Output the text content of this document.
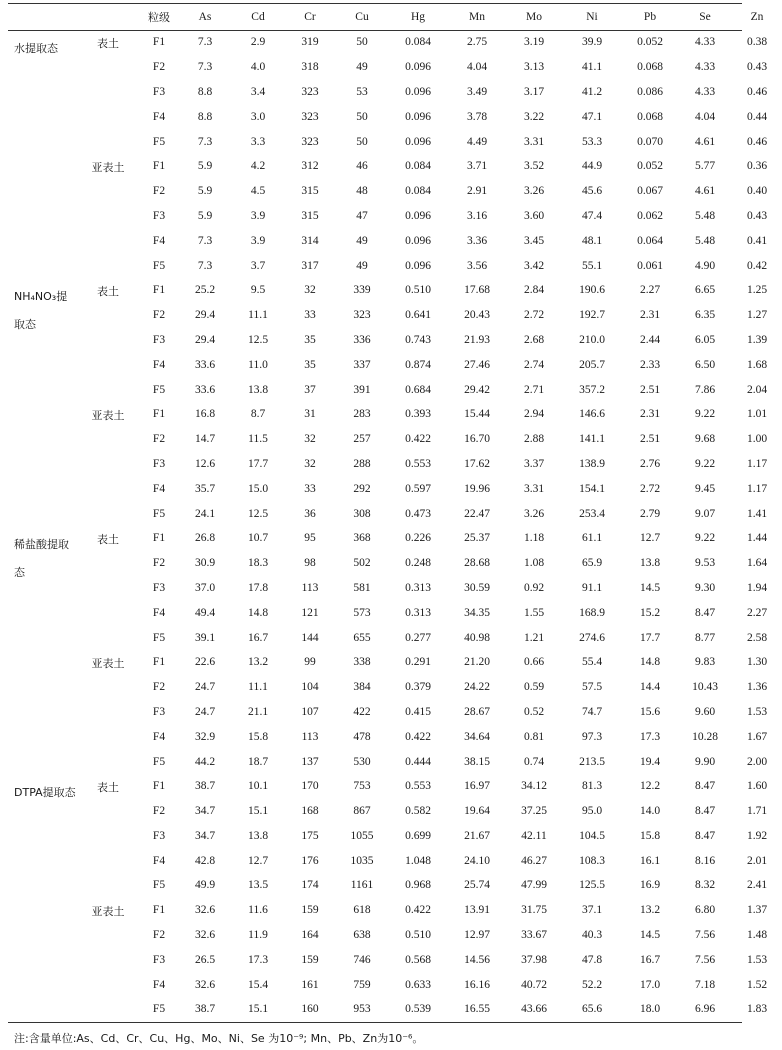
		粒级	As	Cd	Cr	Cu	Hg	Mn	Mo	Ni	Pb	Se	Zn
水提取态	表土	F1	7.3	2.9	319	50	0.084	2.75	3.19	39.9	0.052	4.33	0.38
		F2	7.3	4.0	318	49	0.096	4.04	3.13	41.1	0.068	4.33	0.43
		F3	8.8	3.4	323	53	0.096	3.49	3.17	41.2	0.086	4.33	0.46
		F4	8.8	3.0	323	50	0.096	3.78	3.22	47.1	0.068	4.04	0.44
		F5	7.3	3.3	323	50	0.096	4.49	3.31	53.3	0.070	4.61	0.46
	亚表土	F1	5.9	4.2	312	46	0.084	3.71	3.52	44.9	0.052	5.77	0.36
		F2	5.9	4.5	315	48	0.084	2.91	3.26	45.6	0.067	4.61	0.40
		F3	5.9	3.9	315	47	0.096	3.16	3.60	47.4	0.062	5.48	0.43
		F4	7.3	3.9	314	49	0.096	3.36	3.45	48.1	0.064	5.48	0.41
		F5	7.3	3.7	317	49	0.096	3.56	3.42	55.1	0.061	4.90	0.42
NH₄NO₃提取态	表土	F1	25.2	9.5	32	339	0.510	17.68	2.84	190.6	2.27	6.65	1.25
		F2	29.4	11.1	33	323	0.641	20.43	2.72	192.7	2.31	6.35	1.27
		F3	29.4	12.5	35	336	0.743	21.93	2.68	210.0	2.44	6.05	1.39
		F4	33.6	11.0	35	337	0.874	27.46	2.74	205.7	2.33	6.50	1.68
		F5	33.6	13.8	37	391	0.684	29.42	2.71	357.2	2.51	7.86	2.04
	亚表土	F1	16.8	8.7	31	283	0.393	15.44	2.94	146.6	2.31	9.22	1.01
		F2	14.7	11.5	32	257	0.422	16.70	2.88	141.1	2.51	9.68	1.00
		F3	12.6	17.7	32	288	0.553	17.62	3.37	138.9	2.76	9.22	1.17
		F4	35.7	15.0	33	292	0.597	19.96	3.31	154.1	2.72	9.45	1.17
		F5	24.1	12.5	36	308	0.473	22.47	3.26	253.4	2.79	9.07	1.41
稀盐酸提取态	表土	F1	26.8	10.7	95	368	0.226	25.37	1.18	61.1	12.7	9.22	1.44
		F2	30.9	18.3	98	502	0.248	28.68	1.08	65.9	13.8	9.53	1.64
		F3	37.0	17.8	113	581	0.313	30.59	0.92	91.1	14.5	9.30	1.94
		F4	49.4	14.8	121	573	0.313	34.35	1.55	168.9	15.2	8.47	2.27
		F5	39.1	16.7	144	655	0.277	40.98	1.21	274.6	17.7	8.77	2.58
	亚表土	F1	22.6	13.2	99	338	0.291	21.20	0.66	55.4	14.8	9.83	1.30
		F2	24.7	11.1	104	384	0.379	24.22	0.59	57.5	14.4	10.43	1.36
		F3	24.7	21.1	107	422	0.415	28.67	0.52	74.7	15.6	9.60	1.53
		F4	32.9	15.8	113	478	0.422	34.64	0.81	97.3	17.3	10.28	1.67
		F5	44.2	18.7	137	530	0.444	38.15	0.74	213.5	19.4	9.90	2.00
DTPA提取态	表土	F1	38.7	10.1	170	753	0.553	16.97	34.12	81.3	12.2	8.47	1.60
		F2	34.7	15.1	168	867	0.582	19.64	37.25	95.0	14.0	8.47	1.71
		F3	34.7	13.8	175	1055	0.699	21.67	42.11	104.5	15.8	8.47	1.92
		F4	42.8	12.7	176	1035	1.048	24.10	46.27	108.3	16.1	8.16	2.01
		F5	49.9	13.5	174	1161	0.968	25.74	47.99	125.5	16.9	8.32	2.41
	亚表土	F1	32.6	11.6	159	618	0.422	13.91	31.75	37.1	13.2	6.80	1.37
		F2	32.6	11.9	164	638	0.510	12.97	33.67	40.3	14.5	7.56	1.48
		F3	26.5	17.3	159	746	0.568	14.56	37.98	47.8	16.7	7.56	1.53
		F4	32.6	15.4	161	759	0.633	16.16	40.72	52.2	17.0	7.18	1.52
		F5	38.7	15.1	160	953	0.539	16.55	43.66	65.6	18.0	6.96	1.83
注:含量单位:As、Cd、Cr、Cu、Hg、Mo、Ni、Se 为10⁻⁹; Mn、Pb、Zn为10⁻⁶。
